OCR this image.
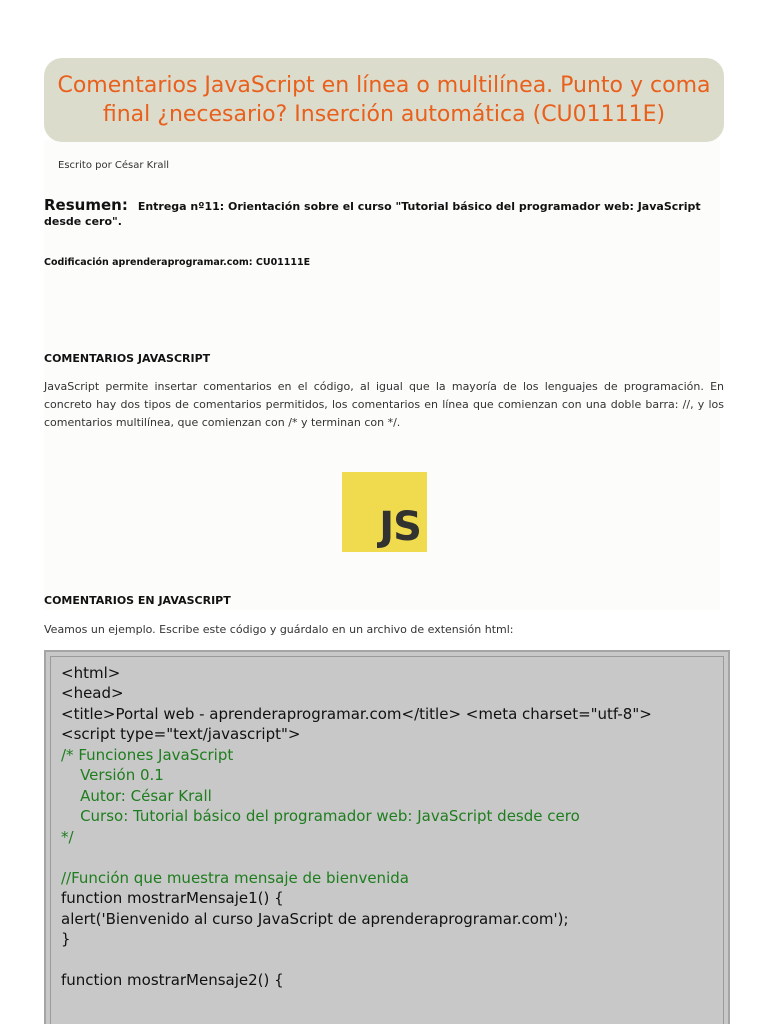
Comentarios JavaScript en línea o multilínea. Punto y coma final ¿necesario? Inserción automática (CU01111E)
Escrito por César Krall
Resumen: Entrega nº11: Orientación sobre el curso "Tutorial básico del programador web: JavaScript desde cero".
Codificación aprenderaprogramar.com: CU01111E
COMENTARIOS JAVASCRIPT
JavaScript permite insertar comentarios en el código, al igual que la mayoría de los lenguajes de programación. En concreto hay dos tipos de comentarios permitidos, los comentarios en línea que comienzan con una doble barra: //, y los comentarios multilínea, que comienzan con /* y terminan con */.
JS
COMENTARIOS EN JAVASCRIPT
Veamos un ejemplo. Escribe este código y guárdalo en un archivo de extensión html:
<html>
<head>
<title>Portal web - aprenderaprogramar.com</title> <meta charset="utf-8">
<script type="text/javascript">
/* Funciones JavaScript
Versión 0.1
Autor: César Krall
Curso: Tutorial básico del programador web: JavaScript desde cero
*/
//Función que muestra mensaje de bienvenida
function mostrarMensaje1() {
alert('Bienvenido al curso JavaScript de aprenderaprogramar.com');
}
function mostrarMensaje2() {
